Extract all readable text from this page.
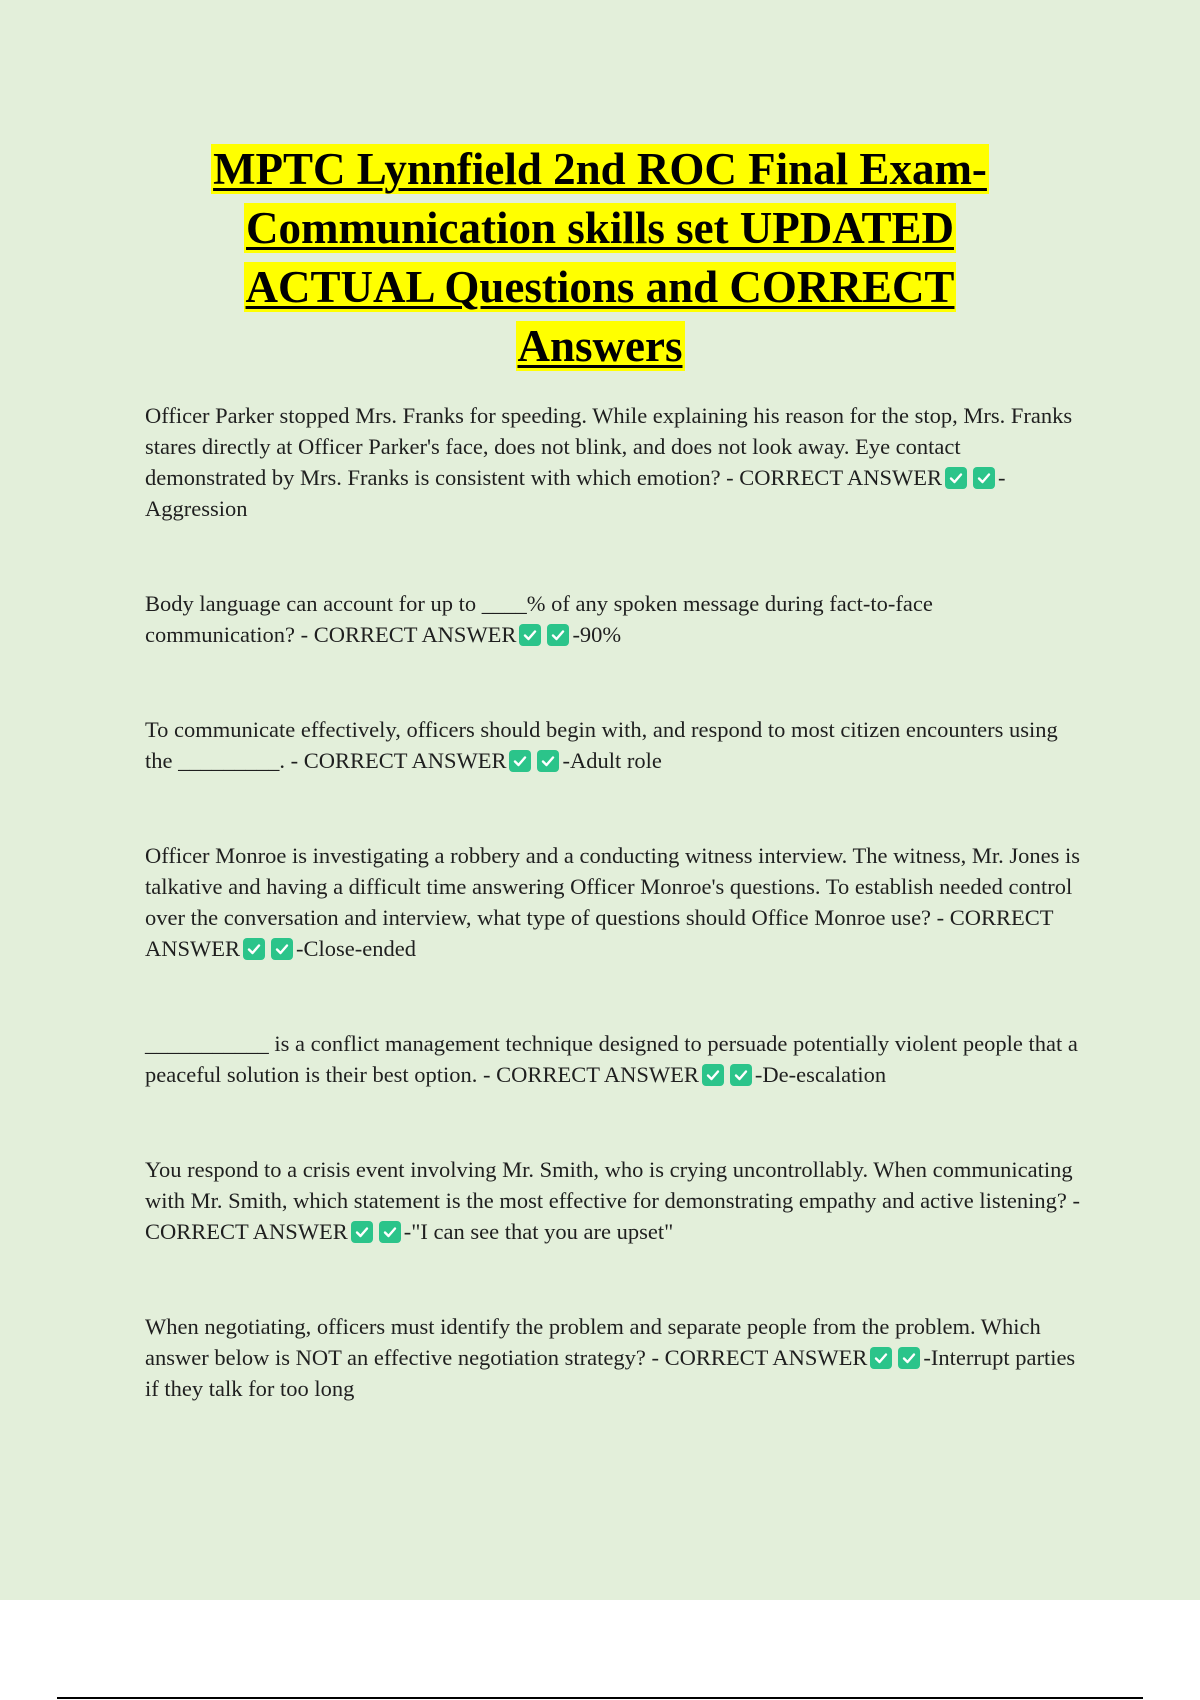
MPTC Lynnfield 2nd ROC Final Exam-
Communication skills set UPDATED
ACTUAL Questions and CORRECT
Answers

Officer Parker stopped Mrs. Franks for speeding. While explaining his reason for the stop, Mrs. Franks stares directly at Officer Parker's face, does not blink, and does not look away. Eye contact demonstrated by Mrs. Franks is consistent with which emotion? - CORRECT ANSWER -Aggression

Body language can account for up to ____% of any spoken message during fact-to-face communication? - CORRECT ANSWER -90%

To communicate effectively, officers should begin with, and respond to most citizen encounters using the _________. - CORRECT ANSWER -Adult role

Officer Monroe is investigating a robbery and a conducting witness interview. The witness, Mr. Jones is talkative and having a difficult time answering Officer Monroe's questions. To establish needed control over the conversation and interview, what type of questions should Office Monroe use? - CORRECT ANSWER -Close-ended

___________ is a conflict management technique designed to persuade potentially violent people that a peaceful solution is their best option. - CORRECT ANSWER -De-escalation

You respond to a crisis event involving Mr. Smith, who is crying uncontrollably. When communicating with Mr. Smith, which statement is the most effective for demonstrating empathy and active listening? - CORRECT ANSWER -"I can see that you are upset"

When negotiating, officers must identify the problem and separate people from the problem. Which answer below is NOT an effective negotiation strategy? - CORRECT ANSWER -Interrupt parties if they talk for too long
